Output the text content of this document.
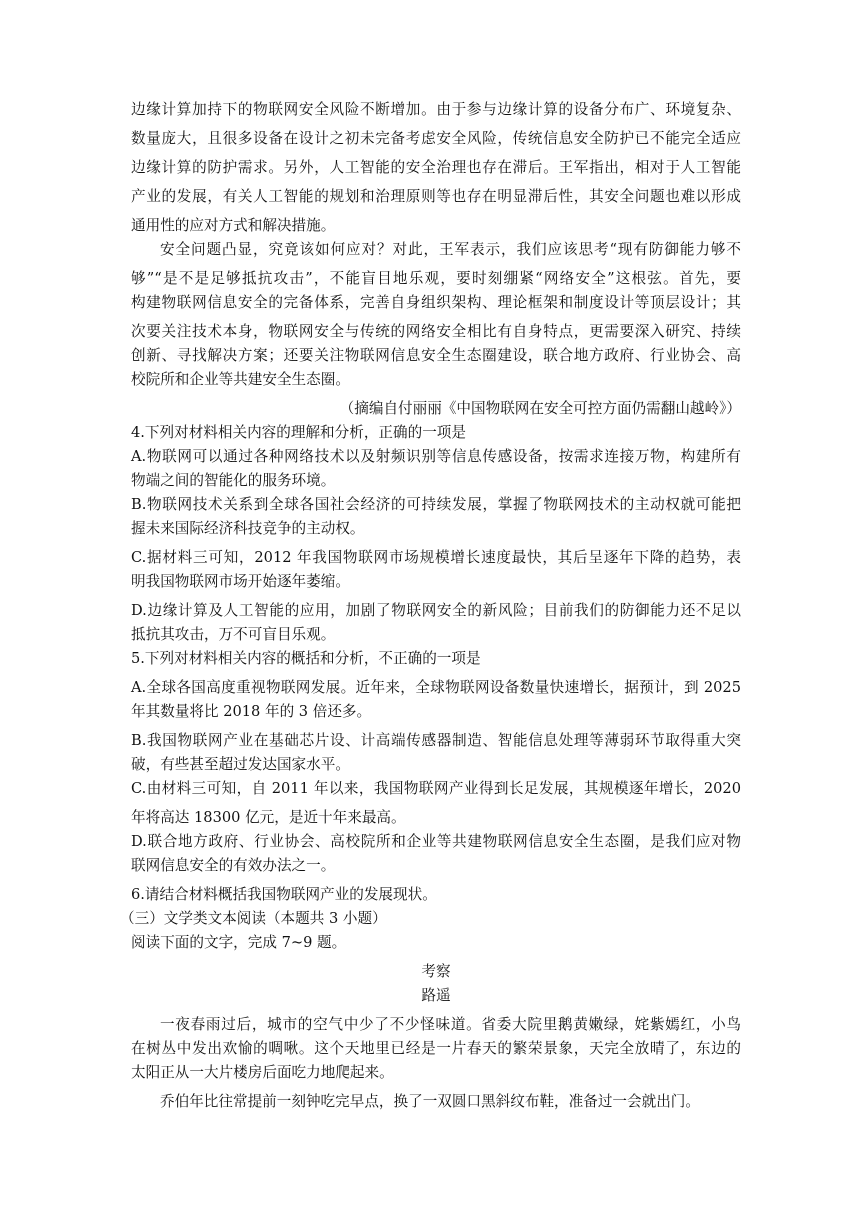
边缘计算加持下的物联网安全风险不断增加。由于参与边缘计算的设备分布广、环境复杂、
数量庞大，且很多设备在设计之初未完备考虑安全风险，传统信息安全防护已不能完全适应
边缘计算的防护需求。另外，人工智能的安全治理也存在滞后。王军指出，相对于人工智能
产业的发展，有关人工智能的规划和治理原则等也存在明显滞后性，其安全问题也难以形成
通用性的应对方式和解决措施。
安全问题凸显，究竟该如何应对？对此，王军表示，我们应该思考“现有防御能力够不
够”“是不是足够抵抗攻击”，不能盲目地乐观，要时刻绷紧“网络安全”这根弦。首先，要
构建物联网信息安全的完备体系，完善自身组织架构、理论框架和制度设计等顶层设计；其
次要关注技术本身，物联网安全与传统的网络安全相比有自身特点，更需要深入研究、持续
创新、寻找解决方案；还要关注物联网信息安全生态圈建设，联合地方政府、行业协会、高
校院所和企业等共建安全生态圈。
（摘编自付丽丽《中国物联网在安全可控方面仍需翻山越岭》）
4.下列对材料相关内容的理解和分析，正确的一项是
A.物联网可以通过各种网络技术以及射频识别等信息传感设备，按需求连接万物，构建所有
物端之间的智能化的服务环境。
B.物联网技术关系到全球各国社会经济的可持续发展，掌握了物联网技术的主动权就可能把
握未来国际经济科技竞争的主动权。
C.据材料三可知，2012 年我国物联网市场规模增长速度最快，其后呈逐年下降的趋势，表
明我国物联网市场开始逐年萎缩。
D.边缘计算及人工智能的应用，加剧了物联网安全的新风险；目前我们的防御能力还不足以
抵抗其攻击，万不可盲目乐观。
5.下列对材料相关内容的概括和分析，不正确的一项是
A.全球各国高度重视物联网发展。近年来，全球物联网设备数量快速增长，据预计，到 2025
年其数量将比 2018 年的 3 倍还多。
B.我国物联网产业在基础芯片设、计高端传感器制造、智能信息处理等薄弱环节取得重大突
破，有些甚至超过发达国家水平。
C.由材料三可知，自 2011 年以来，我国物联网产业得到长足发展，其规模逐年增长，2020
年将高达 18300 亿元，是近十年来最高。
D.联合地方政府、行业协会、高校院所和企业等共建物联网信息安全生态圈，是我们应对物
联网信息安全的有效办法之一。
6.请结合材料概括我国物联网产业的发展现状。
（三）文学类文本阅读（本题共 3 小题）
阅读下面的文字，完成 7~9 题。
考察
路遥
一夜春雨过后，城市的空气中少了不少怪味道。省委大院里鹅黄嫩绿，姹紫嫣红，小鸟
在树丛中发出欢愉的啁啾。这个天地里已经是一片春天的繁荣景象，天完全放晴了，东边的
太阳正从一大片楼房后面吃力地爬起来。
乔伯年比往常提前一刻钟吃完早点，换了一双圆口黑斜纹布鞋，准备过一会就出门。
